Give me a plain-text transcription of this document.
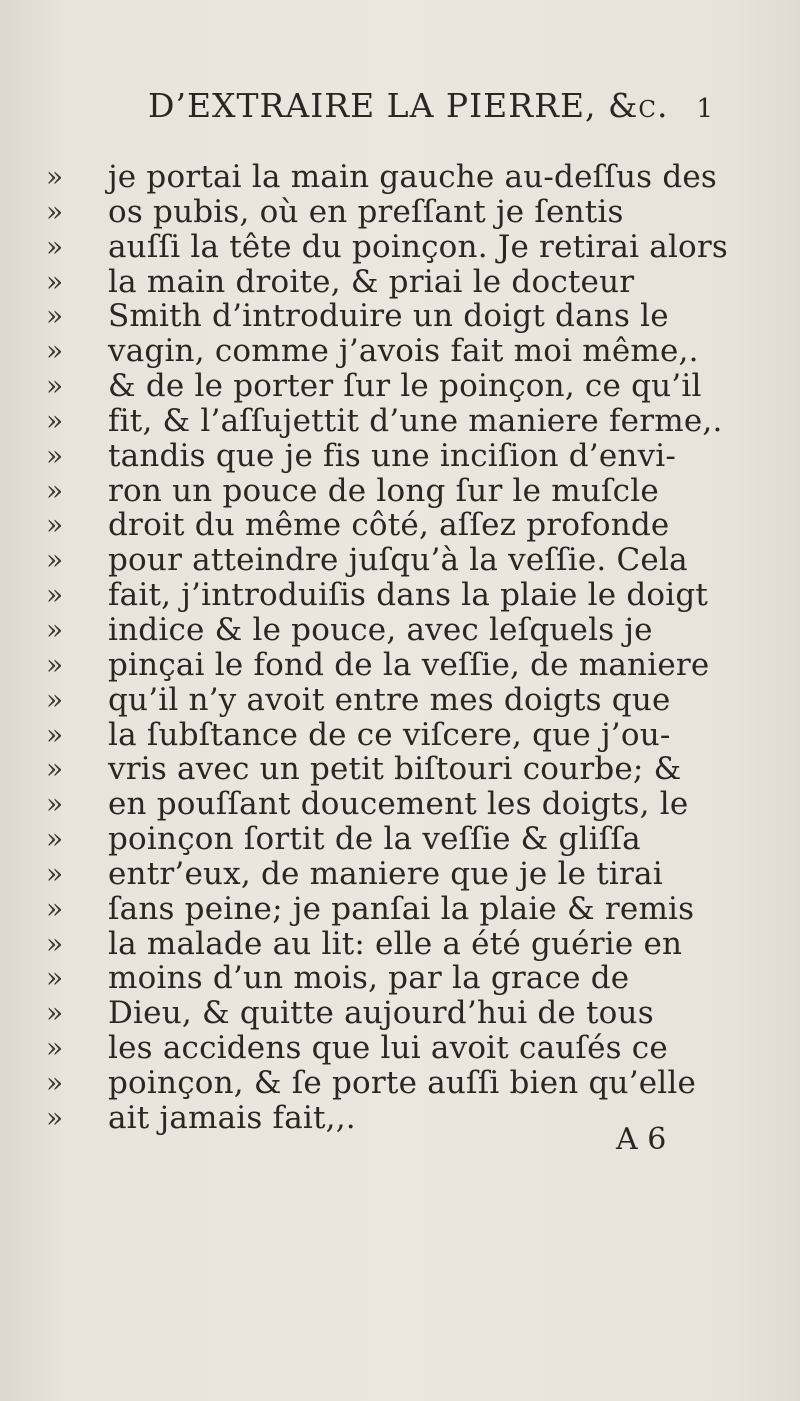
D’EXTRAIRE LA PIERRE, &c. 1
»
»
»
»
»
»
»
»
»
»
»
»
»
»
»
»
»
»
»
»
»
»
»
»
»
»
»
»
je portai la main gauche au-deſſus des
os pubis, où en preſſant je ſentis
auſſi la tête du poinçon. Je retirai alors
la main droite, & priai le docteur
Smith d’introduire un doigt dans le
vagin, comme j’avois fait moi même,.
& de le porter ſur le poinçon, ce qu’il
fit, & l’aſſujettit d’une maniere ferme,.
tandis que je fis une inciſion d’envi-
ron un pouce de long ſur le muſcle
droit du même côté, aſſez profonde
pour atteindre juſqu’à la veſſie. Cela
fait, j’introduiſis dans la plaie le doigt
indice & le pouce, avec leſquels je
pinçai le fond de la veſſie, de maniere
qu’il n’y avoit entre mes doigts que
la ſubſtance de ce viſcere, que j’ou-
vris avec un petit biſtouri courbe; &
en pouſſant doucement les doigts, le
poinçon ſortit de la veſſie & gliſſa
entr’eux, de maniere que je le tirai
ſans peine; je panſai la plaie & remis
la malade au lit: elle a été guérie en
moins d’un mois, par la grace de
Dieu, & quitte aujourd’hui de tous
les accidens que lui avoit cauſés ce
poinçon, & ſe porte auſſi bien qu’elle
ait jamais fait,,.
A 6
